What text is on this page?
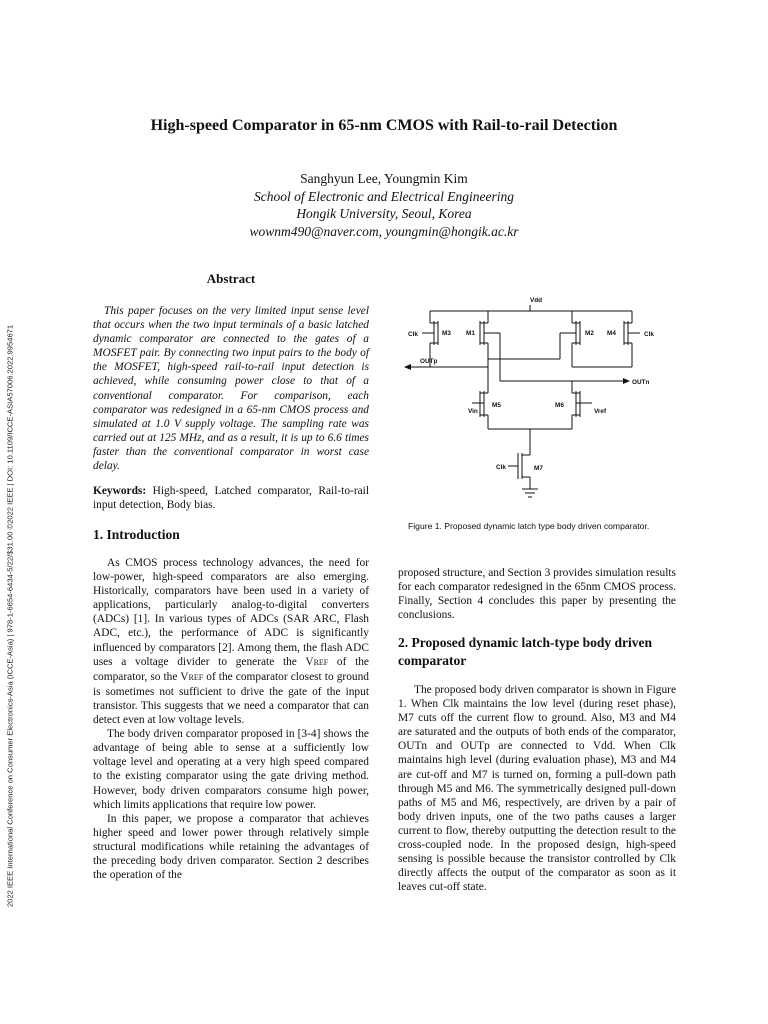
2022 IEEE International Conference on Consumer Electronics-Asia (ICCE-Asia) | 978-1-6654-6434-5/22/$31.00 ©2022 IEEE | DOI: 10.1109/ICCE-ASIA57006.2022.9954671
High-speed Comparator in 65-nm CMOS with Rail-to-rail Detection
Sanghyun Lee, Youngmin Kim
School of Electronic and Electrical Engineering
Hongik University, Seoul, Korea
wownm490@naver.com, youngmin@hongik.ac.kr
Abstract

This paper focuses on the very limited input sense level that occurs when the two input terminals of a basic latched dynamic comparator are connected to the gates of a MOSFET pair. By connecting two input pairs to the body of the MOSFET, high-speed rail-to-rail input detection is achieved, while consuming power close to that of a conventional comparator. For comparison, each comparator was redesigned in a 65-nm CMOS process and simulated at 1.0 V supply voltage. The sampling rate was carried out at 125 MHz, and as a result, it is up to 6.6 times faster than the conventional comparator in worst case delay.

Keywords: High-speed, Latched comparator, Rail-to-rail input detection, Body bias.
1. Introduction

As CMOS process technology advances, the need for low-power, high-speed comparators are also emerging. Historically, comparators have been used in a variety of applications, particularly analog-to-digital converters (ADCs) [1]. In various types of ADCs (SAR ARC, Flash ADC, etc.), the performance of ADC is significantly influenced by comparators [2]. Among them, the flash ADC uses a voltage divider to generate the VREF of the comparator, so the VREF of the comparator closest to ground is sometimes not sufficient to drive the gate of the input transistor. This suggests that we need a comparator that can detect even at low voltage levels.

The body driven comparator proposed in [3-4] shows the advantage of being able to sense at a sufficiently low voltage level and operating at a very high speed compared to the existing comparator using the gate driving method. However, body driven comparators consume high power, which limits applications that require low power.

In this paper, we propose a comparator that achieves higher speed and lower power through relatively simple structural modifications while retaining the advantages of the preceding body driven comparator. Section 2 describes the operation of the

Vdd
Clk	M3 M1	M2	Clk
M4
OUTp
OUTn
Vin
M5
Vref
M6
Clk	M7
Figure 1. Proposed dynamic latch type body driven comparator.

proposed structure, and Section 3 provides simulation results for each comparator redesigned in the 65nm CMOS process. Finally, Section 4 concludes this paper by presenting the conclusions.

2. Proposed dynamic latch-type body driven comparator

The proposed body driven comparator is shown in Figure 1. When Clk maintains the low level (during reset phase), M7 cuts off the current flow to ground. Also, M3 and M4 are saturated and the outputs of both ends of the comparator, OUTn and OUTp are connected to Vdd. When Clk maintains high level (during evaluation phase), M3 and M4 are cut-off and M7 is turned on, forming a pull-down path through M5 and M6. The symmetrically designed pull-down paths of M5 and M6, respectively, are driven by a pair of body driven inputs, one of the two paths causes a larger current to flow, thereby outputting the detection result to the cross-coupled node. In the proposed design, high-speed sensing is possible because the transistor controlled by Clk directly affects the output of the comparator as soon as it leaves cut-off state.
